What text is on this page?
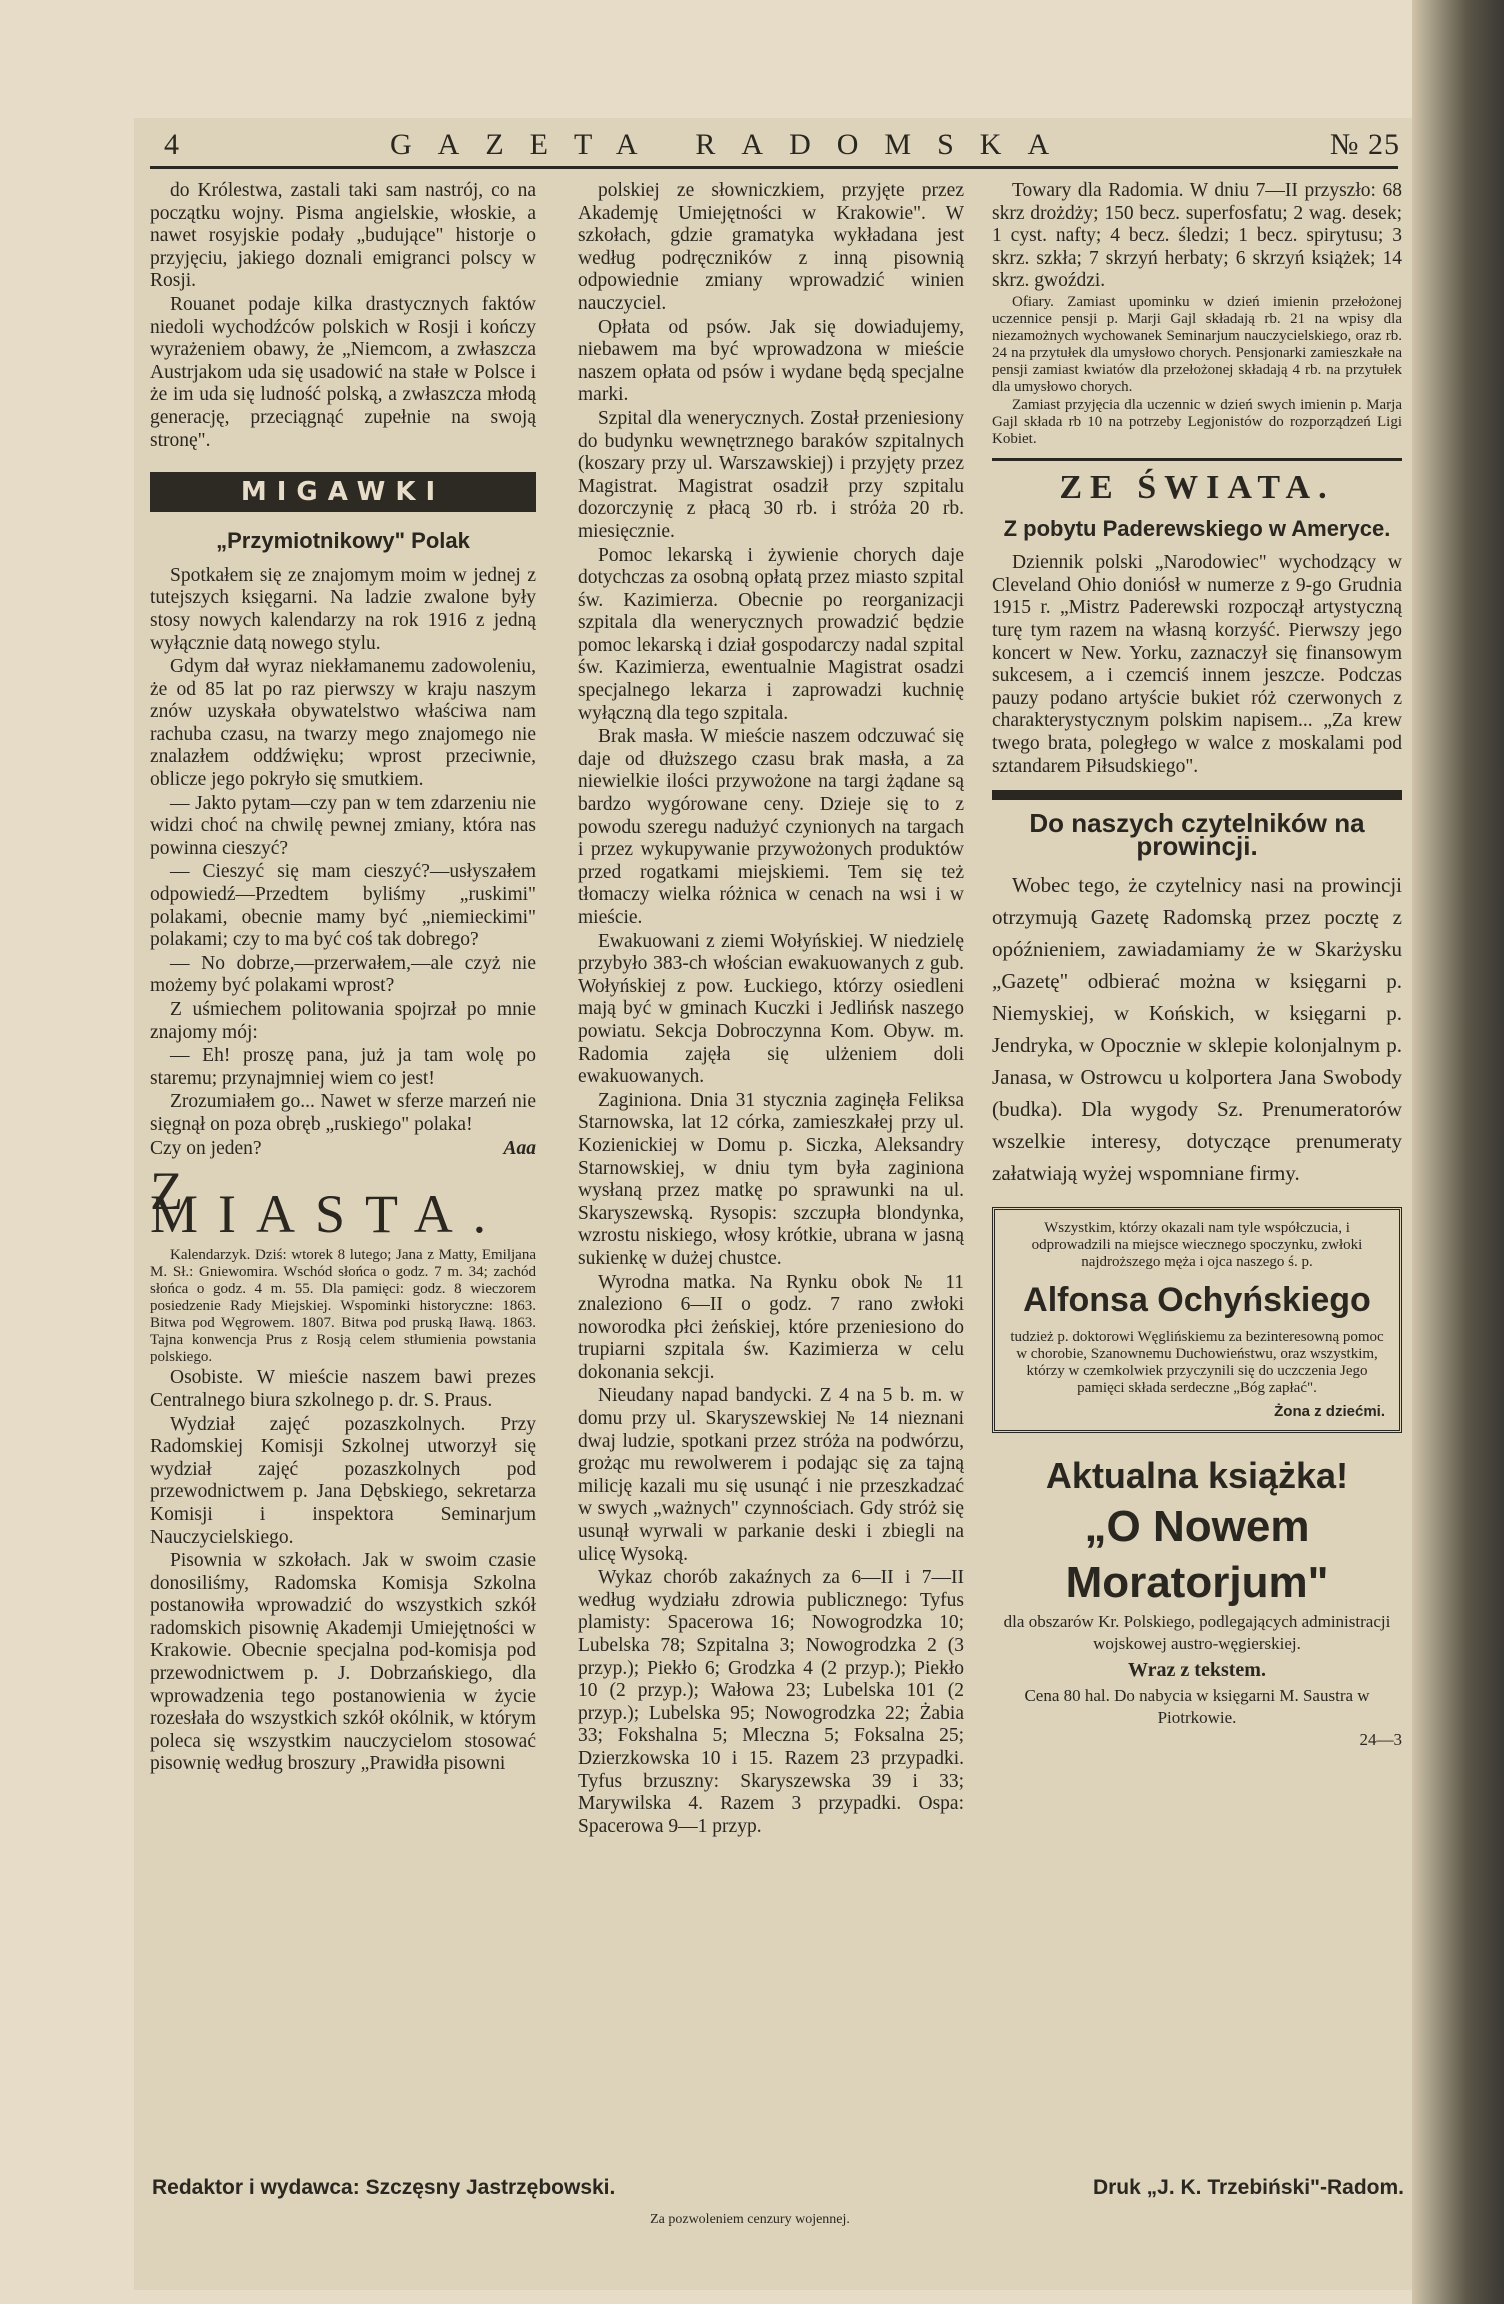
4	GAZETA RADOMSKA	№ 25

do Królestwa, zastali taki sam nastrój, co na początku wojny. Pisma angielskie, włoskie, a nawet rosyjskie podały „budujące" historje o przyjęciu, jakiego doznali emigranci polscy w Rosji.

Rouanet podaje kilka drastycznych faktów niedoli wychodźców polskich w Rosji i kończy wyrażeniem obawy, że „Niemcom, a zwłaszcza Austrjakom uda się usadowić na stałe w Polsce i że im uda się ludność polską, a zwłaszcza młodą generację, przeciągnąć zupełnie na swoją stronę".

MIGAWKI
„Przymiotnikowy" Polak

Spotkałem się ze znajomym moim w jednej z tutejszych księgarni. Na ladzie zwalone były stosy nowych kalendarzy na rok 1916 z jedną wyłącznie datą nowego stylu.

Gdym dał wyraz niekłamanemu zadowoleniu, że od 85 lat po raz pierwszy w kraju naszym znów uzyskała obywatelstwo właściwa nam rachuba czasu, na twarzy mego znajomego nie znalazłem oddźwięku; wprost przeciwnie, oblicze jego pokryło się smutkiem.

— Jakto pytam—czy pan w tem zdarzeniu nie widzi choć na chwilę pewnej zmiany, która nas powinna cieszyć?

— Cieszyć się mam cieszyć?—usłyszałem odpowiedź—Przedtem byliśmy „ruskimi" polakami, obecnie mamy być „niemieckimi" polakami; czy to ma być coś tak dobrego?

— No dobrze,—przerwałem,—ale czyż nie możemy być polakami wprost?

Z uśmiechem politowania spojrzał po mnie znajomy mój:

— Eh! proszę pana, już ja tam wolę po staremu; przynajmniej wiem co jest!

Zrozumiałem go... Nawet w sferze marzeń nie sięgnął on poza obręb „ruskiego" polaka!

Czy on jeden?	Aaa
Z MIASTA.

Kalendarzyk. Dziś: wtorek 8 lutego; Jana z Matty, Emiljana M. Sł.: Gniewomira. Wschód słońca o godz. 7 m. 34; zachód słońca o godz. 4 m. 55. Dla pamięci: godz. 8 wieczorem posiedzenie Rady Miejskiej. Wspominki historyczne: 1863. Bitwa pod Węgrowem. 1807. Bitwa pod pruską Iławą. 1863. Tajna konwencja Prus z Rosją celem stłumienia powstania polskiego.

Osobiste. W mieście naszem bawi prezes Centralnego biura szkolnego p. dr. S. Praus.

Wydział zajęć pozaszkolnych. Przy Radomskiej Komisji Szkolnej utworzył się wydział zajęć pozaszkolnych pod przewodnictwem p. Jana Dębskiego, sekretarza Komisji i inspektora Seminarjum Nauczycielskiego.

Pisownia w szkołach. Jak w swoim czasie donosiliśmy, Radomska Komisja Szkolna postanowiła wprowadzić do wszystkich szkół radomskich pisownię Akademji Umiejętności w Krakowie. Obecnie specjalna pod-komisja pod przewodnictwem p. J. Dobrzańskiego, dla wprowadzenia tego postanowienia w życie rozesłała do wszystkich szkół okólnik, w którym poleca się wszystkim nauczycielom stosować pisownię według broszury „Prawidła pisowni

polskiej ze słowniczkiem, przyjęte przez Akademję Umiejętności w Krakowie". W szkołach, gdzie gramatyka wykładana jest według podręczników z inną pisownią odpowiednie zmiany wprowadzić winien nauczyciel.

Opłata od psów. Jak się dowiadujemy, niebawem ma być wprowadzona w mieście naszem opłata od psów i wydane będą specjalne marki.

Szpital dla wenerycznych. Został przeniesiony do budynku wewnętrznego baraków szpitalnych (koszary przy ul. Warszawskiej) i przyjęty przez Magistrat. Magistrat osadził przy szpitalu dozorczynię z płacą 30 rb. i stróża 20 rb. miesięcznie.

Pomoc lekarską i żywienie chorych daje dotychczas za osobną opłatą przez miasto szpital św. Kazimierza. Obecnie po reorganizacji szpitala dla wenerycznych prowadzić będzie pomoc lekarską i dział gospodarczy nadal szpital św. Kazimierza, ewentualnie Magistrat osadzi specjalnego lekarza i zaprowadzi kuchnię wyłączną dla tego szpitala.

Brak masła. W mieście naszem odczuwać się daje od dłuższego czasu brak masła, a za niewielkie ilości przywożone na targi żądane są bardzo wygórowane ceny. Dzieje się to z powodu szeregu nadużyć czynionych na targach i przez wykupywanie przywożonych produktów przed rogatkami miejskiemi. Tem się też tłomaczy wielka różnica w cenach na wsi i w mieście.

Ewakuowani z ziemi Wołyńskiej. W niedzielę przybyło 383-ch włościan ewakuowanych z gub. Wołyńskiej z pow. Łuckiego, którzy osiedleni mają być w gminach Kuczki i Jedlińsk naszego powiatu. Sekcja Dobroczynna Kom. Obyw. m. Radomia zajęła się ulżeniem doli ewakuowanych.

Zaginiona. Dnia 31 stycznia zaginęła Feliksa Starnowska, lat 12 córka, zamieszkałej przy ul. Kozienickiej w Domu p. Siczka, Aleksandry Starnowskiej, w dniu tym była zaginiona wysłaną przez matkę po sprawunki na ul. Skaryszewską. Rysopis: szczupła blondynka, wzrostu niskiego, włosy krótkie, ubrana w jasną sukienkę w dużej chustce.

Wyrodna matka. Na Rynku obok № 11 znaleziono 6—II o godz. 7 rano zwłoki noworodka płci żeńskiej, które przeniesiono do trupiarni szpitala św. Kazimierza w celu dokonania sekcji.

Nieudany napad bandycki. Z 4 na 5 b. m. w domu przy ul. Skaryszewskiej № 14 nieznani dwaj ludzie, spotkani przez stróża na podwórzu, grożąc mu rewolwerem i podając się za tajną milicję kazali mu się usunąć i nie przeszkadzać w swych „ważnych" czynnościach. Gdy stróż się usunął wyrwali w parkanie deski i zbiegli na ulicę Wysoką.

Wykaz chorób zakaźnych za 6—II i 7—II według wydziału zdrowia publicznego: Tyfus plamisty: Spacerowa 16; Nowogrodzka 10; Lubelska 78; Szpitalna 3; Nowogrodzka 2 (3 przyp.); Piekło 6; Grodzka 4 (2 przyp.); Piekło 10 (2 przyp.); Wałowa 23; Lubelska 101 (2 przyp.); Lubelska 95; Nowogrodzka 22; Żabia 33; Fokshalna 5; Mleczna 5; Foksalna 25; Dzierzkowska 10 i 15. Razem 23 przypadki. Tyfus brzuszny: Skaryszewska 39 i 33; Marywilska 4. Razem 3 przypadki. Ospa: Spacerowa 9—1 przyp.

Towary dla Radomia. W dniu 7—II przyszło: 68 skrz drożdży; 150 becz. superfosfatu; 2 wag. desek; 1 cyst. nafty; 4 becz. śledzi; 1 becz. spirytusu; 3 skrz. szkła; 7 skrzyń herbaty; 6 skrzyń książek; 14 skrz. gwoździ.

Ofiary. Zamiast upominku w dzień imienin przełożonej uczennice pensji p. Marji Gajl składają rb. 21 na wpisy dla niezamożnych wychowanek Seminarjum nauczycielskiego, oraz rb. 24 na przytułek dla umysłowo chorych. Pensjonarki zamieszkałe na pensji zamiast kwiatów dla przełożonej składają 4 rb. na przytułek dla umysłowo chorych.

Zamiast przyjęcia dla uczennic w dzień swych imienin p. Marja Gajl składa rb 10 na potrzeby Legjonistów do rozporządzeń Ligi Kobiet.

ZE ŚWIATA.
Z pobytu Paderewskiego w Ameryce.

Dziennik polski „Narodowiec" wychodzący w Cleveland Ohio doniósł w numerze z 9-go Grudnia 1915 r. „Mistrz Paderewski rozpoczął artystyczną turę tym razem na własną korzyść. Pierwszy jego koncert w New. Yorku, zaznaczył się finansowym sukcesem, a i czemciś innem jeszcze. Podczas pauzy podano artyście bukiet róż czerwonych z charakterystycznym polskim napisem... „Za krew twego brata, poległego w walce z moskalami pod sztandarem Piłsudskiego".

Do naszych czytelników na prowincji.

Wobec tego, że czytelnicy nasi na prowincji otrzymują Gazetę Radomską przez pocztę z opóźnieniem, zawiadamiamy że w Skarżysku „Gazetę" odbierać można w księgarni p. Niemyskiej, w Końskich, w księgarni p. Jendryka, w Opocznie w sklepie kolonjalnym p. Janasa, w Ostrowcu u kolportera Jana Swobody (budka). Dla wygody Sz. Prenumeratorów wszelkie interesy, dotyczące prenumeraty załatwiają wyżej wspomniane firmy.

Wszystkim, którzy okazali nam tyle współczucia, i odprowadzili na miejsce wiecznego spoczynku, zwłoki najdroższego męża i ojca naszego ś. p.
Alfonsa Ochyńskiego
tudzież p. doktorowi Węglińskiemu za bezinteresowną pomoc w chorobie, Szanownemu Duchowieństwu, oraz wszystkim, którzy w czemkolwiek przyczynili się do uczczenia Jego pamięci składa serdeczne „Bóg zapłać".
Żona z dziećmi.
Aktualna książka!
„O Nowem Moratorjum"
dla obszarów Kr. Polskiego, podlegających administracji wojskowej austro-węgierskiej.
Wraz z tekstem.
Cena 80 hal. Do nabycia w księgarni M. Saustra w Piotrkowie.
24—3
Redaktor i wydawca: Szczęsny Jastrzębowski.	Druk „J. K. Trzebiński"-Radom.
Za pozwoleniem cenzury wojennej.
